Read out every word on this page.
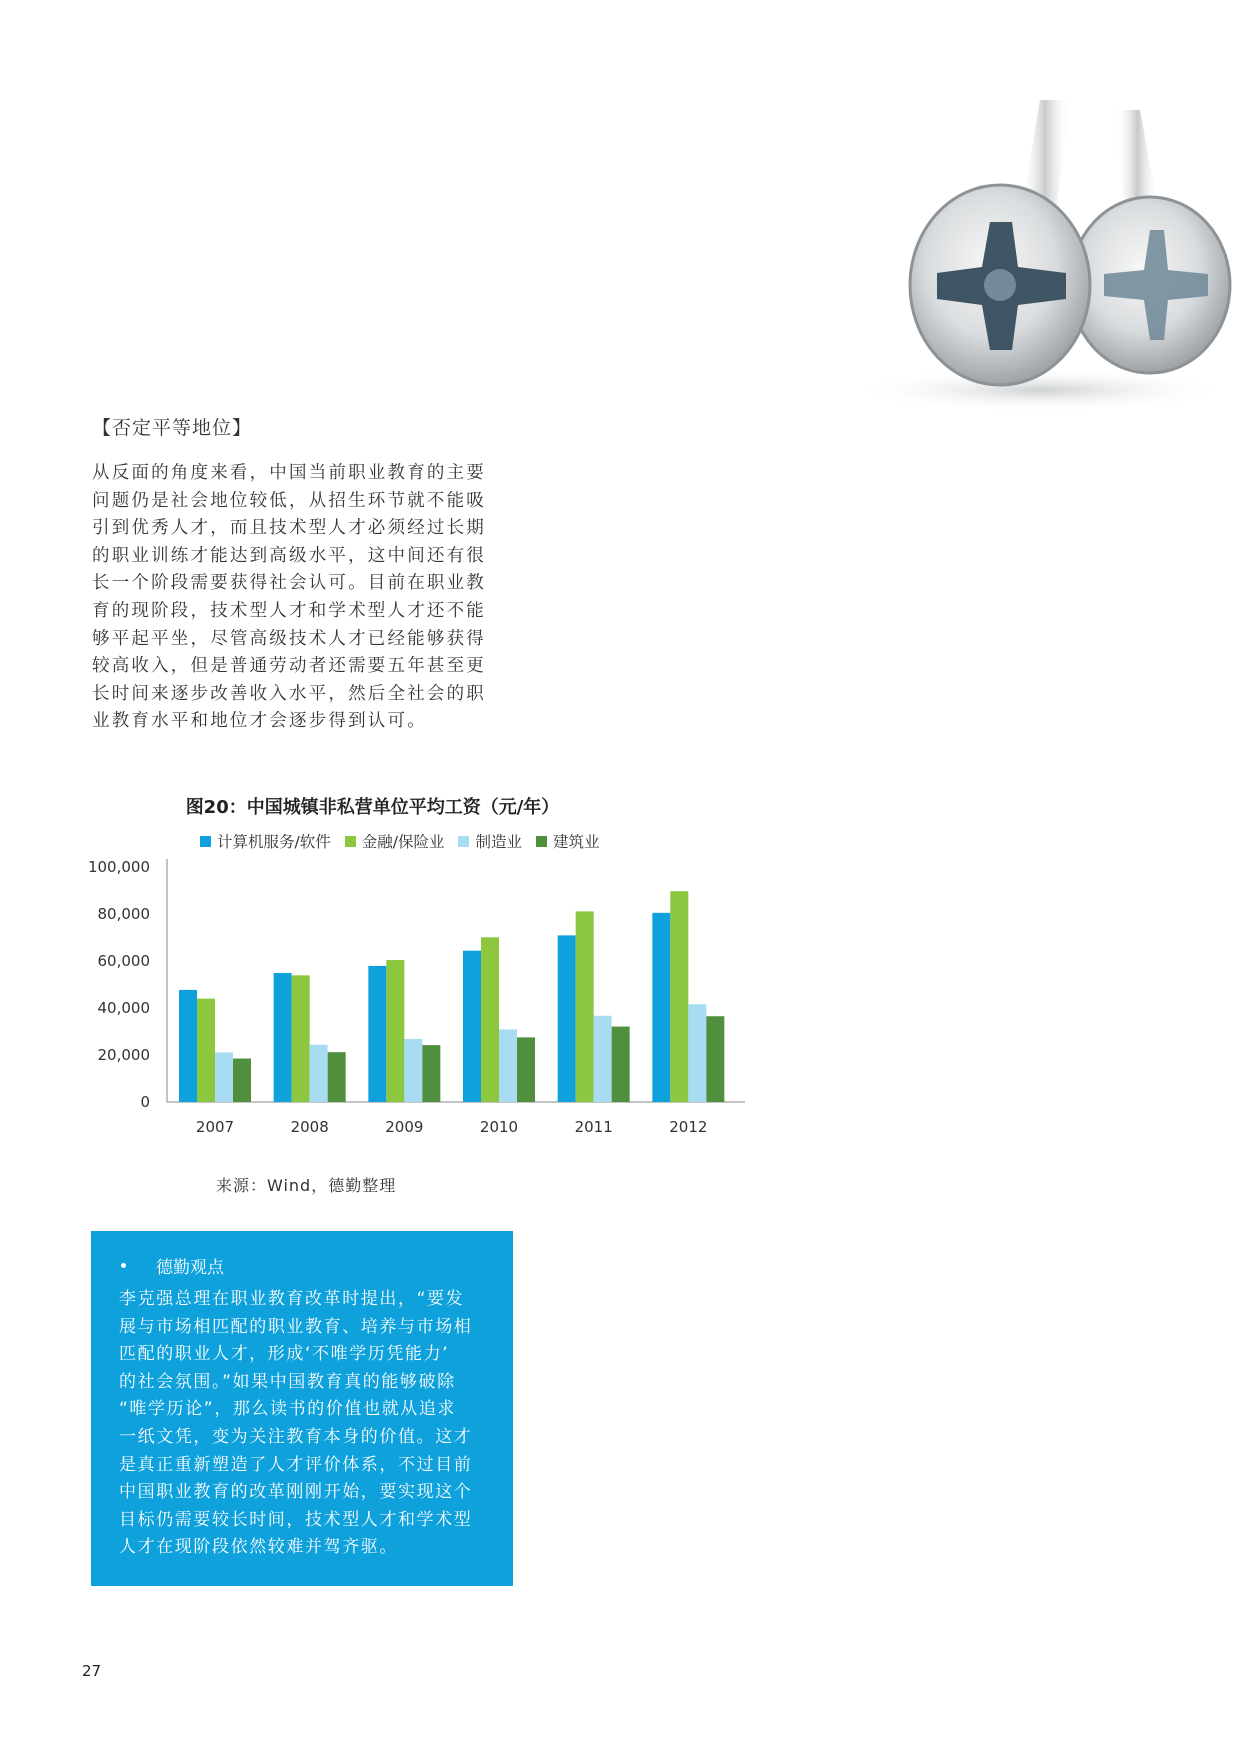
【否定平等地位】

从反面的角度来看，中国当前职业教育的主要
问题仍是社会地位较低，从招生环节就不能吸
引到优秀人才，而且技术型人才必须经过长期
的职业训练才能达到高级水平，这中间还有很
长一个阶段需要获得社会认可。目前在职业教
育的现阶段，技术型人才和学术型人才还不能
够平起平坐，尽管高级技术人才已经能够获得
较高收入，但是普通劳动者还需要五年甚至更
长时间来逐步改善收入水平，然后全社会的职
业教育水平和地位才会逐步得到认可。

图20：中国城镇非私营单位平均工资（元/年）
计算机服务/软件 金融/保险业 制造业 建筑业
0
20,000
40,000
60,000
80,000
100,000
2007	2008	2009	2010	2011	2012
来源：Wind，德勤整理
德勤观点

李克强总理在职业教育改革时提出，“要发
展与市场相匹配的职业教育、培养与市场相
匹配的职业人才，形成‘不唯学历凭能力’
的社会氛围。”如果中国教育真的能够破除
“唯学历论”，那么读书的价值也就从追求
一纸文凭，变为关注教育本身的价值。这才
是真正重新塑造了人才评价体系，不过目前
中国职业教育的改革刚刚开始，要实现这个
目标仍需要较长时间，技术型人才和学术型
人才在现阶段依然较难并驾齐驱。

27
